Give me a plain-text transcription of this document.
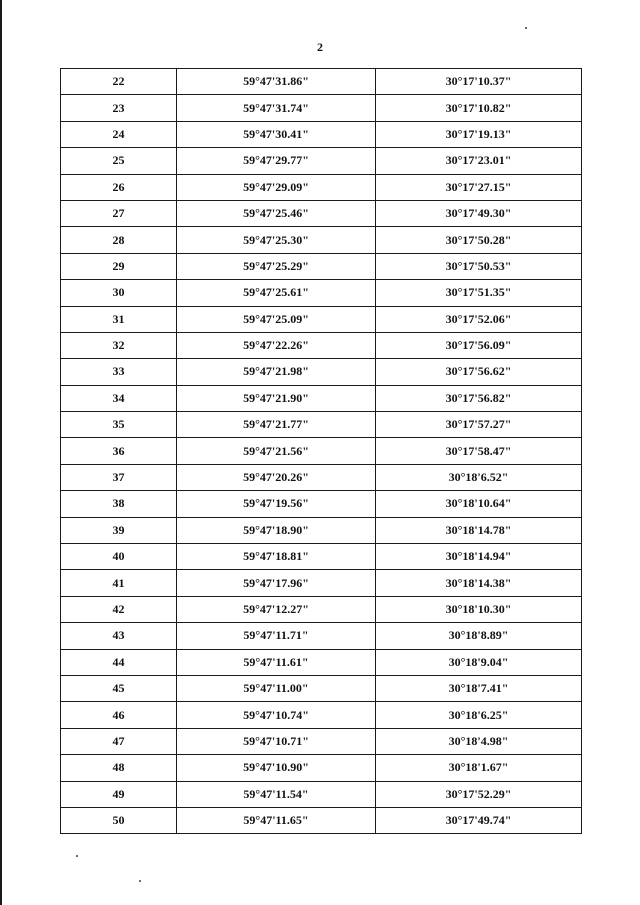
2
22	59°47'31.86"	30°17'10.37"
23	59°47'31.74"	30°17'10.82"
24	59°47'30.41"	30°17'19.13"
25	59°47'29.77"	30°17'23.01"
26	59°47'29.09"	30°17'27.15"
27	59°47'25.46"	30°17'49.30"
28	59°47'25.30"	30°17'50.28"
29	59°47'25.29"	30°17'50.53"
30	59°47'25.61"	30°17'51.35"
31	59°47'25.09"	30°17'52.06"
32	59°47'22.26"	30°17'56.09"
33	59°47'21.98"	30°17'56.62"
34	59°47'21.90"	30°17'56.82"
35	59°47'21.77"	30°17'57.27"
36	59°47'21.56"	30°17'58.47"
37	59°47'20.26"	30°18'6.52"
38	59°47'19.56"	30°18'10.64"
39	59°47'18.90"	30°18'14.78"
40	59°47'18.81"	30°18'14.94"
41	59°47'17.96"	30°18'14.38"
42	59°47'12.27"	30°18'10.30"
43	59°47'11.71"	30°18'8.89"
44	59°47'11.61"	30°18'9.04"
45	59°47'11.00"	30°18'7.41"
46	59°47'10.74"	30°18'6.25"
47	59°47'10.71"	30°18'4.98"
48	59°47'10.90"	30°18'1.67"
49	59°47'11.54"	30°17'52.29"
50	59°47'11.65"	30°17'49.74"
